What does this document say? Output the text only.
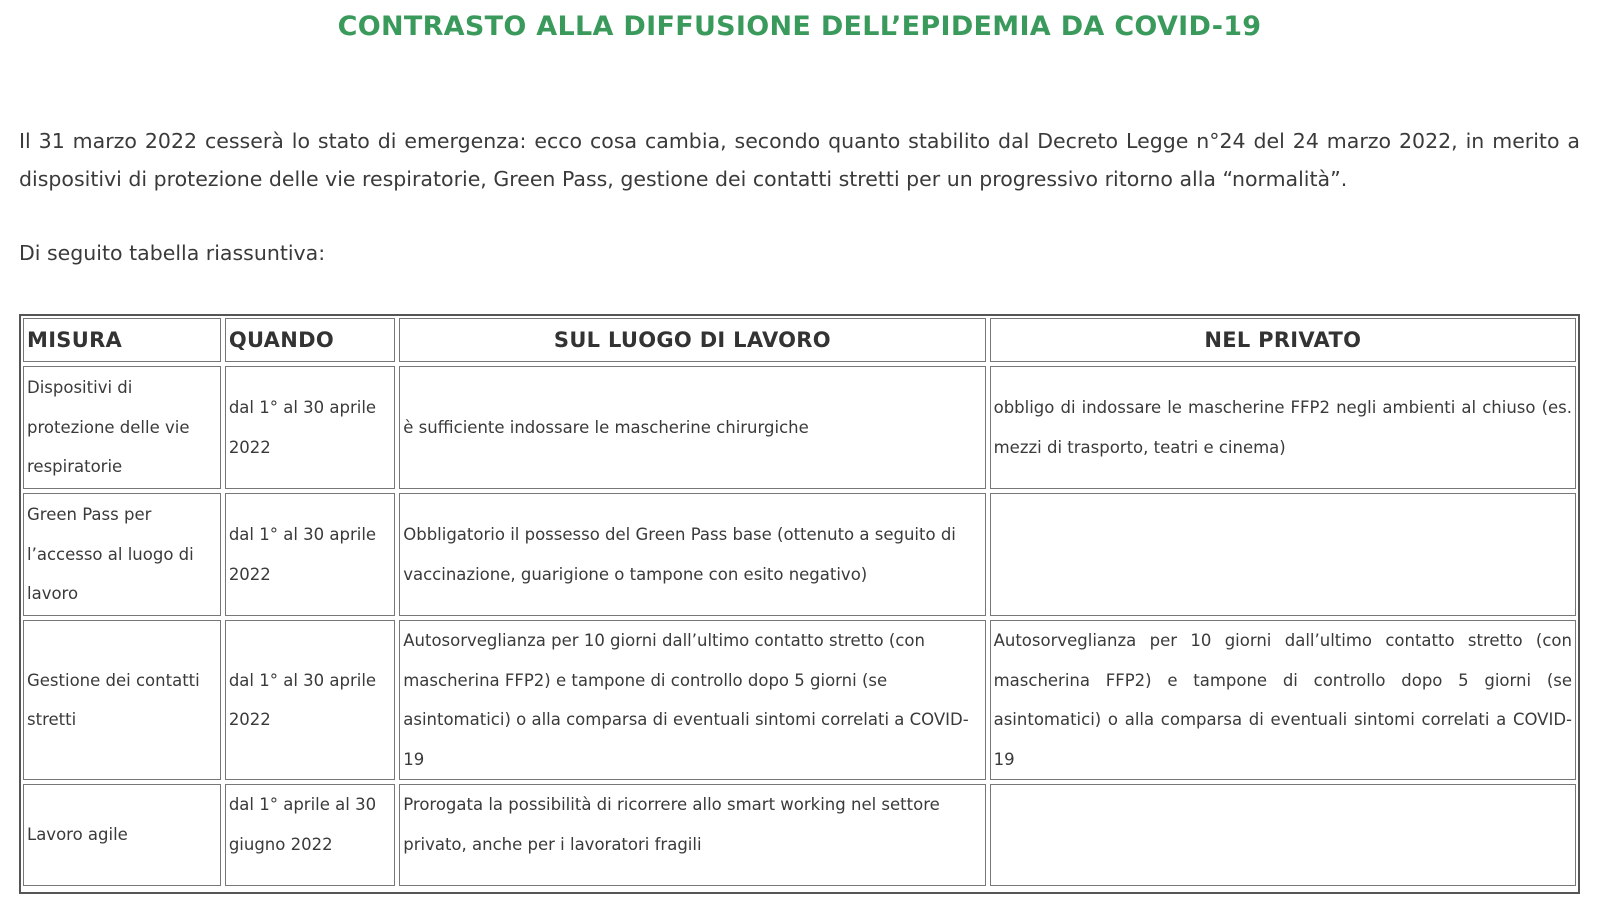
CONTRASTO ALLA DIFFUSIONE DELL’EPIDEMIA DA COVID-19

Il 31 marzo 2022 cesserà lo stato di emergenza: ecco cosa cambia, secondo quanto stabilito dal Decreto Legge n°24 del 24 marzo 2022, in merito a dispositivi di protezione delle vie respiratorie, Green Pass, gestione dei contatti stretti per un progressivo ritorno alla “normalità”.

Di seguito tabella riassuntiva:

MISURA	QUANDO	SUL LUOGO DI LAVORO	NEL PRIVATO
Dispositivi di protezione delle vie respiratorie	dal 1° al 30 aprile 2022	è sufficiente indossare le mascherine chirurgiche	obbligo di indossare le mascherine FFP2 negli ambienti al chiuso (es. mezzi di trasporto, teatri e cinema)
Green Pass per l’accesso al luogo di lavoro	dal 1° al 30 aprile 2022	Obbligatorio il possesso del Green Pass base (ottenuto a seguito di vaccinazione, guarigione o tampone con esito negativo)	
Gestione dei contatti stretti	dal 1° al 30 aprile 2022	Autosorveglianza per 10 giorni dall’ultimo contatto stretto (con mascherina FFP2) e tampone di controllo dopo 5 giorni (se asintomatici) o alla comparsa di eventuali sintomi correlati a COVID-19	Autosorveglianza per 10 giorni dall’ultimo contatto stretto (con mascherina FFP2) e tampone di controllo dopo 5 giorni (se asintomatici) o alla comparsa di eventuali sintomi correlati a COVID-19
Lavoro agile	dal 1° aprile al 30 giugno 2022	Prorogata la possibilità di ricorrere allo smart working nel settore privato, anche per i lavoratori fragili	
